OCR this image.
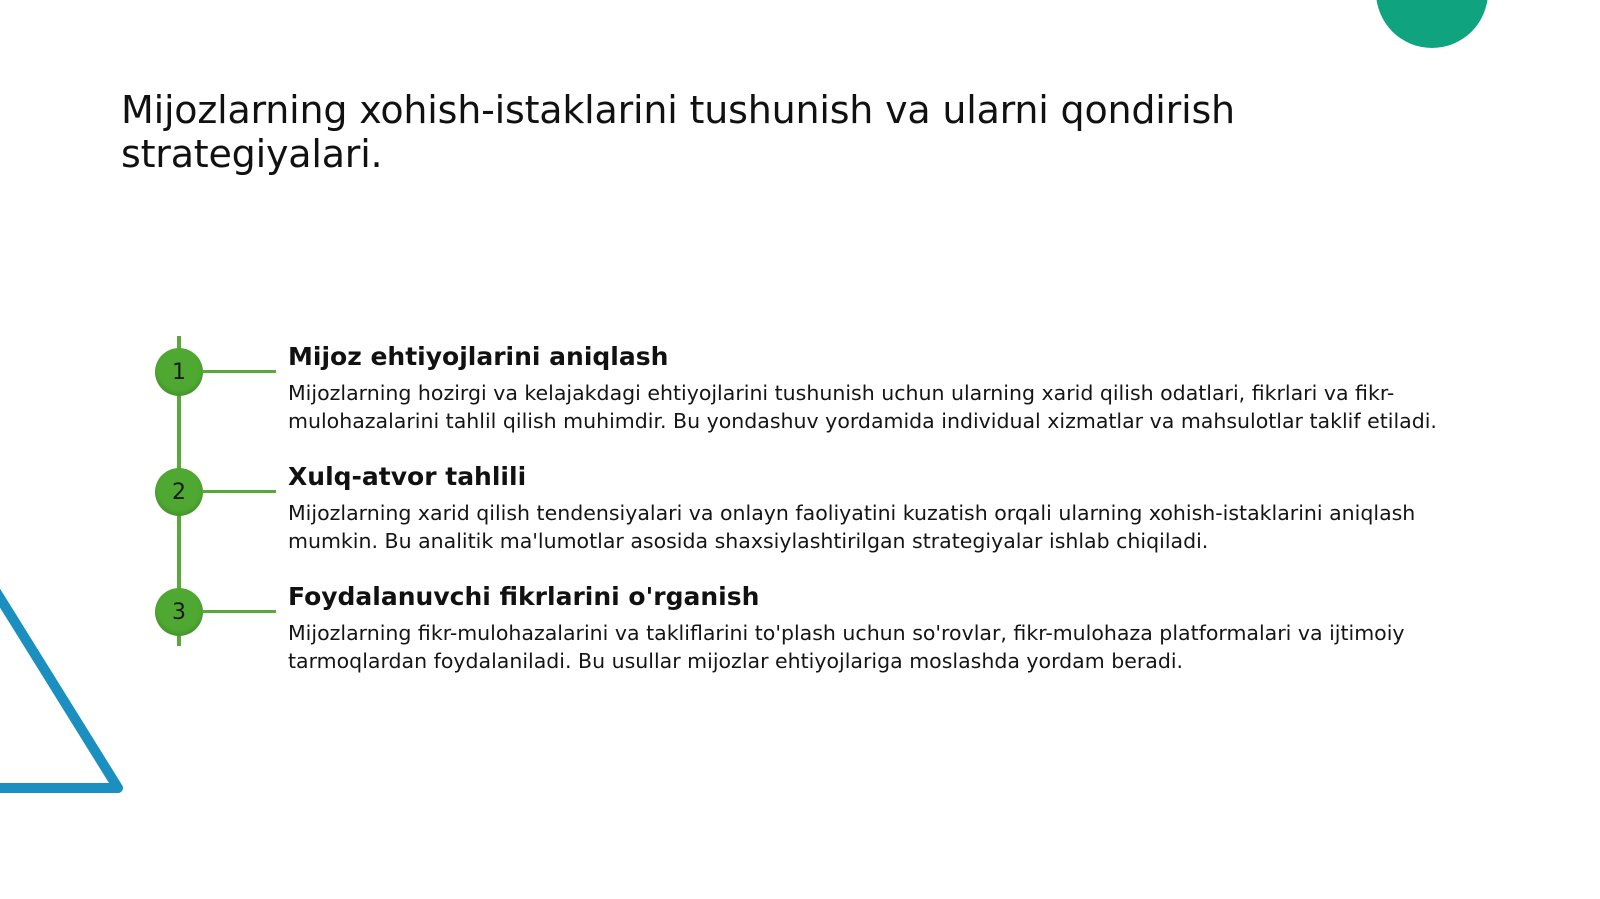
Mijozlarning xohish-istaklarini tushunish va ularni qondirish strategiyalari.
1
Mijoz ehtiyojlarini aniqlash

Mijozlarning hozirgi va kelajakdagi ehtiyojlarini tushunish uchun ularning xarid qilish odatlari, fikrlari va fikr-mulohazalarini tahlil qilish muhimdir. Bu yondashuv yordamida individual xizmatlar va mahsulotlar taklif etiladi.

2
Xulq-atvor tahlili

Mijozlarning xarid qilish tendensiyalari va onlayn faoliyatini kuzatish orqali ularning xohish-istaklarini aniqlash mumkin. Bu analitik ma'lumotlar asosida shaxsiylashtirilgan strategiyalar ishlab chiqiladi.

3
Foydalanuvchi fikrlarini o'rganish

Mijozlarning fikr-mulohazalarini va takliflarini to'plash uchun so'rovlar, fikr-mulohaza platformalari va ijtimoiy tarmoqlardan foydalaniladi. Bu usullar mijozlar ehtiyojlariga moslashda yordam beradi.
